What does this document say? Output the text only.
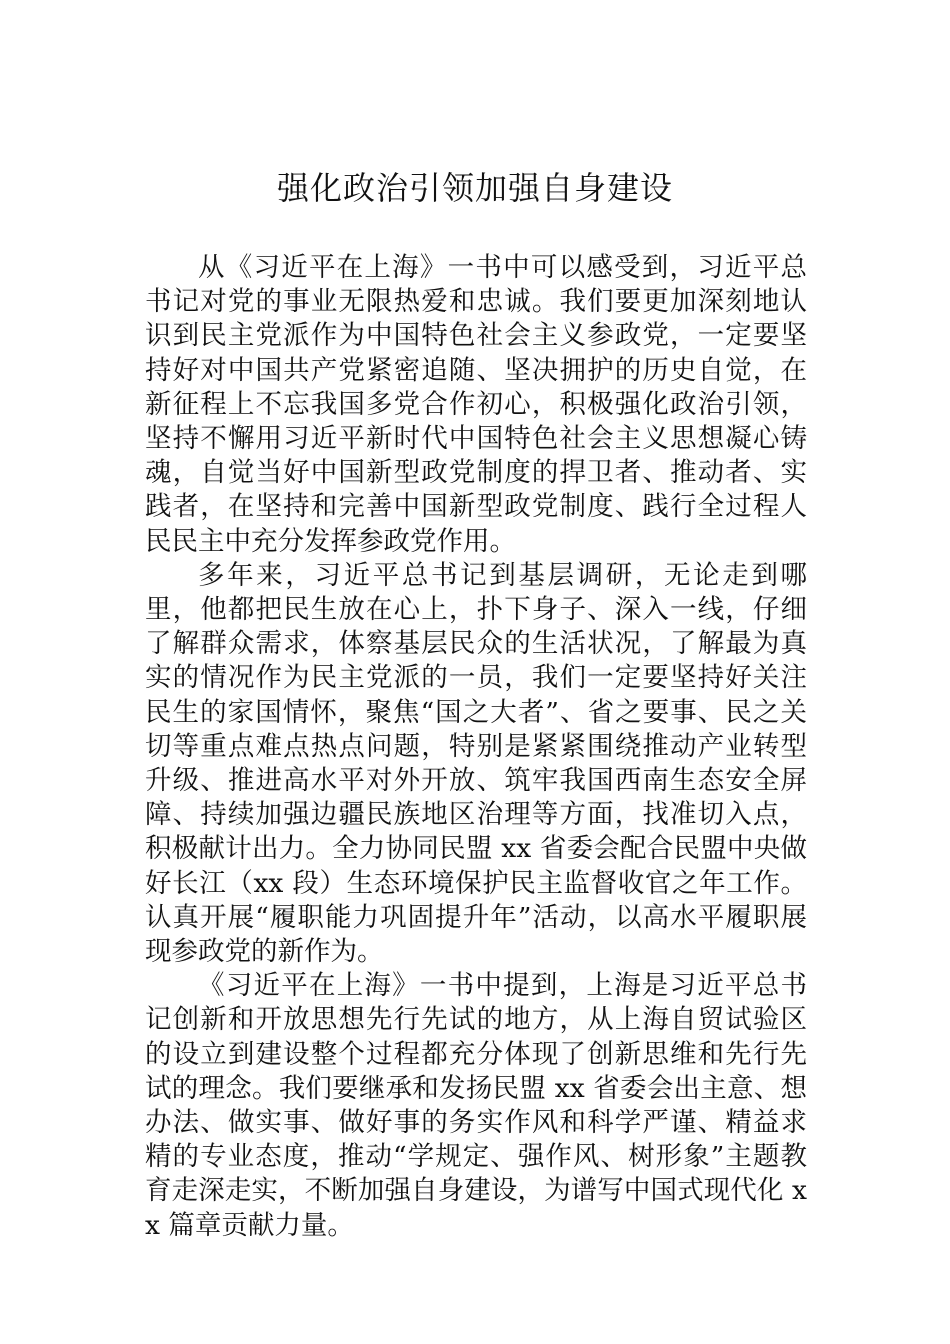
强化政治引领加强自身建设

从《习近平在上海》一书中可以感受到，习近平总书记对党的事业无限热爱和忠诚。我们要更加深刻地认识到民主党派作为中国特色社会主义参政党，一定要坚持好对中国共产党紧密追随、坚决拥护的历史自觉，在新征程上不忘我国多党合作初心，积极强化政治引领，坚持不懈用习近平新时代中国特色社会主义思想凝心铸魂，自觉当好中国新型政党制度的捍卫者、推动者、实践者，在坚持和完善中国新型政党制度、践行全过程人民民主中充分发挥参政党作用。

多年来，习近平总书记到基层调研，无论走到哪里，他都把民生放在心上，扑下身子、深入一线，仔细了解群众需求，体察基层民众的生活状况，了解最为真实的情况作为民主党派的一员，我们一定要坚持好关注民生的家国情怀，聚焦“国之大者”、省之要事、民之关切等重点难点热点问题，特别是紧紧围绕推动产业转型升级、推进高水平对外开放、筑牢我国西南生态安全屏障、持续加强边疆民族地区治理等方面，找准切入点，积极献计出力。全力协同民盟 xx 省委会配合民盟中央做好长江（xx 段）生态环境保护民主监督收官之年工作。认真开展“履职能力巩固提升年”活动，以高水平履职展现参政党的新作为。

《习近平在上海》一书中提到，上海是习近平总书记创新和开放思想先行先试的地方，从上海自贸试验区的设立到建设整个过程都充分体现了创新思维和先行先试的理念。我们要继承和发扬民盟 xx 省委会出主意、想办法、做实事、做好事的务实作风和科学严谨、精益求精的专业态度，推动“学规定、强作风、树形象”主题教育走深走实，不断加强自身建设，为谱写中国式现代化 xx 篇章贡献力量。
